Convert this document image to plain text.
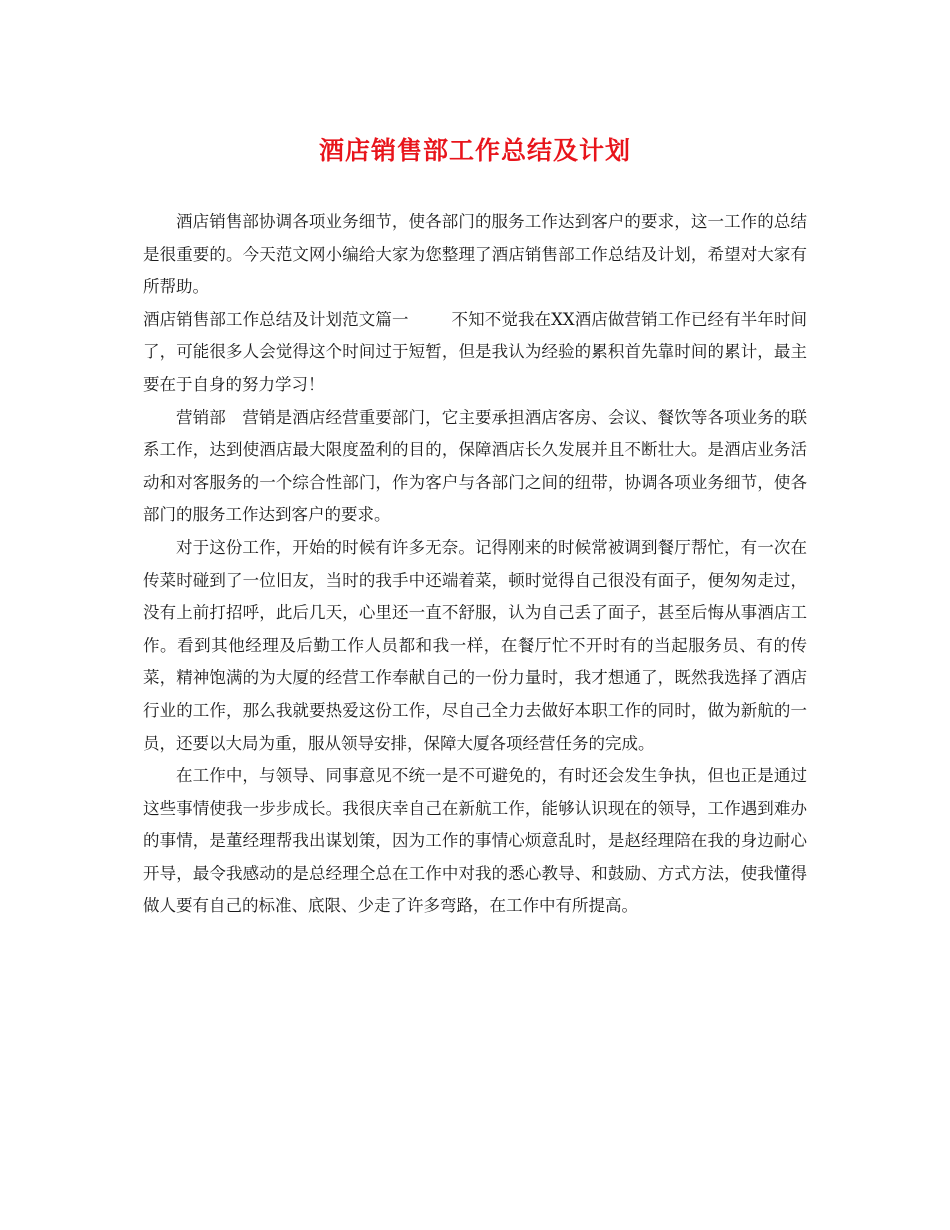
酒店销售部工作总结及计划

酒店销售部协调各项业务细节，使各部门的服务工作达到客户的要求，这一工作的总结是很重要的。今天范文网小编给大家为您整理了酒店销售部工作总结及计划，希望对大家有所帮助。

酒店销售部工作总结及计划范文篇一	不知不觉我在XX酒店做营销工作已经有半年时间了，可能很多人会觉得这个时间过于短暂，但是我认为经验的累积首先靠时间的累计，最主要在于自身的努力学习！

营销部 营销是酒店经营重要部门，它主要承担酒店客房、会议、餐饮等各项业务的联系工作，达到使酒店最大限度盈利的目的，保障酒店长久发展并且不断壮大。是酒店业务活动和对客服务的一个综合性部门，作为客户与各部门之间的纽带，协调各项业务细节，使各部门的服务工作达到客户的要求。

对于这份工作，开始的时候有许多无奈。记得刚来的时候常被调到餐厅帮忙，有一次在传菜时碰到了一位旧友，当时的我手中还端着菜，顿时觉得自己很没有面子，便匆匆走过，没有上前打招呼，此后几天，心里还一直不舒服，认为自己丢了面子，甚至后悔从事酒店工作。看到其他经理及后勤工作人员都和我一样，在餐厅忙不开时有的当起服务员、有的传菜，精神饱满的为大厦的经营工作奉献自己的一份力量时，我才想通了，既然我选择了酒店行业的工作，那么我就要热爱这份工作，尽自己全力去做好本职工作的同时，做为新航的一员，还要以大局为重，服从领导安排，保障大厦各项经营任务的完成。

在工作中，与领导、同事意见不统一是不可避免的，有时还会发生争执，但也正是通过这些事情使我一步步成长。我很庆幸自己在新航工作，能够认识现在的领导，工作遇到难办的事情，是董经理帮我出谋划策，因为工作的事情心烦意乱时，是赵经理陪在我的身边耐心开导，最令我感动的是总经理仝总在工作中对我的悉心教导、和鼓励、方式方法，使我懂得做人要有自己的标准、底限、少走了许多弯路，在工作中有所提高。
